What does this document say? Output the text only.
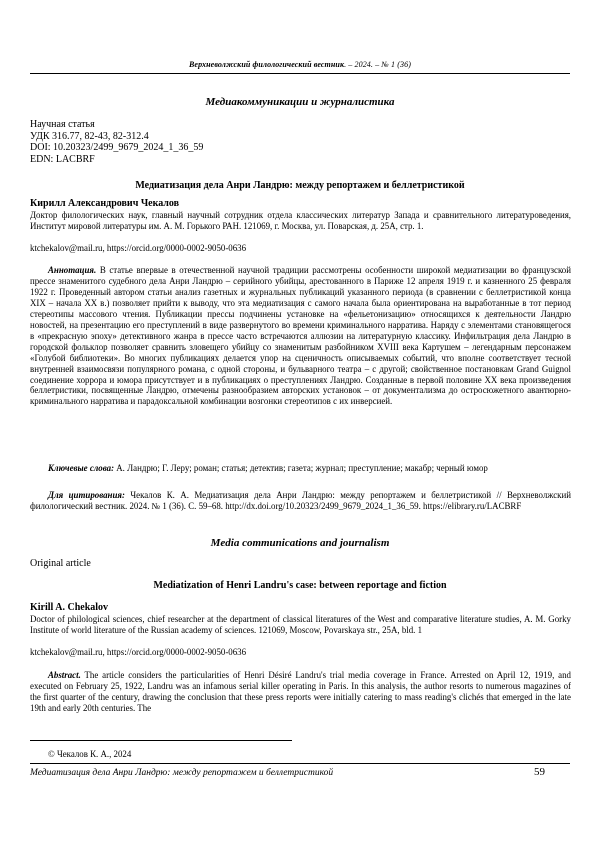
Верхневолжский филологический вестник. – 2024. – № 1 (36)
Медиакоммуникации и журналистика
Научная статья
УДК 316.77, 82-43, 82-312.4
DOI: 10.20323/2499_9679_2024_1_36_59
EDN: LACBRF
Медиатизация дела Анри Ландрю: между репортажем и беллетристикой
Кирилл Александрович Чекалов
Доктор филологических наук, главный научный сотрудник отдела классических литератур Запада и сравнительного литературоведения, Институт мировой литературы им. А. М. Горького РАН. 121069, г. Москва, ул. Поварская, д. 25А, стр. 1.
ktchekalov@mail.ru, https://orcid.org/0000-0002-9050-0636
Аннотация. В статье впервые в отечественной научной традиции рассмотрены особенности широкой медиатизации во французской прессе знаменитого судебного дела Анри Ландрю – серийного убийцы, арестованного в Париже 12 апреля 1919 г. и казненного 25 февраля 1922 г. Проведенный автором статьи анализ газетных и журнальных публикаций указанного периода (в сравнении с беллетристикой конца XIX – начала XX в.) позволяет прийти к выводу, что эта медиатизация с самого начала была ориентирована на выработанные в тот период стереотипы массового чтения. Публикации прессы подчинены установке на «фельетонизацию» относящихся к деятельности Ландрю новостей, на презентацию его преступлений в виде развернутого во времени криминального нарратива. Наряду с элементами становящегося в «прекрасную эпоху» детективного жанра в прессе часто встречаются аллюзии на литературную классику. Инфильтрация дела Ландрю в городской фольклор позволяет сравнить зловещего убийцу со знаменитым разбойником XVIII века Картушем – легендарным персонажем «Голубой библиотеки». Во многих публикациях делается упор на сценичность описываемых событий, что вполне соответствует тесной внутренней взаимосвязи популярного романа, с одной стороны, и бульварного театра – с другой; свойственное постановкам Grand Guignol соединение хоррора и юмора присутствует и в публикациях о преступлениях Ландрю. Созданные в первой половине XX века произведения беллетристики, посвященные Ландрю, отмечены разнообразием авторских установок – от документализма до остросюжетного авантюрно-криминального нарратива и парадоксальной комбинации возгонки стереотипов с их инверсией.
Ключевые слова: А. Ландрю; Г. Леру; роман; статья; детектив; газета; журнал; преступление; макабр; черный юмор
Для цитирования: Чекалов К. А. Медиатизация дела Анри Ландрю: между репортажем и беллетристикой // Верхневолжский филологический вестник. 2024. № 1 (36). С. 59–68. http://dx.doi.org/10.20323/2499_9679_2024_1_36_59. https://elibrary.ru/LACBRF
Media communications and journalism
Original article
Mediatization of Henri Landru's case: between reportage and fiction
Kirill A. Chekalov
Doctor of philological sciences, chief researcher at the department of classical literatures of the West and comparative literature studies, A. M. Gorky Institute of world literature of the Russian academy of sciences. 121069, Moscow, Povarskaya str., 25A, bld. 1
ktchekalov@mail.ru, https://orcid.org/0000-0002-9050-0636
Abstract. The article considers the particularities of Henri Désiré Landru's trial media coverage in France. Arrested on April 12, 1919, and executed on February 25, 1922, Landru was an infamous serial killer operating in Paris. In this analysis, the author resorts to numerous magazines of the first quarter of the century, drawing the conclusion that these press reports were initially catering to mass reading's clichés that emerged in the late 19th and early 20th centuries. The
© Чекалов К. А., 2024
Медиатизация дела Анри Ландрю: между репортажем и беллетристикой	59
